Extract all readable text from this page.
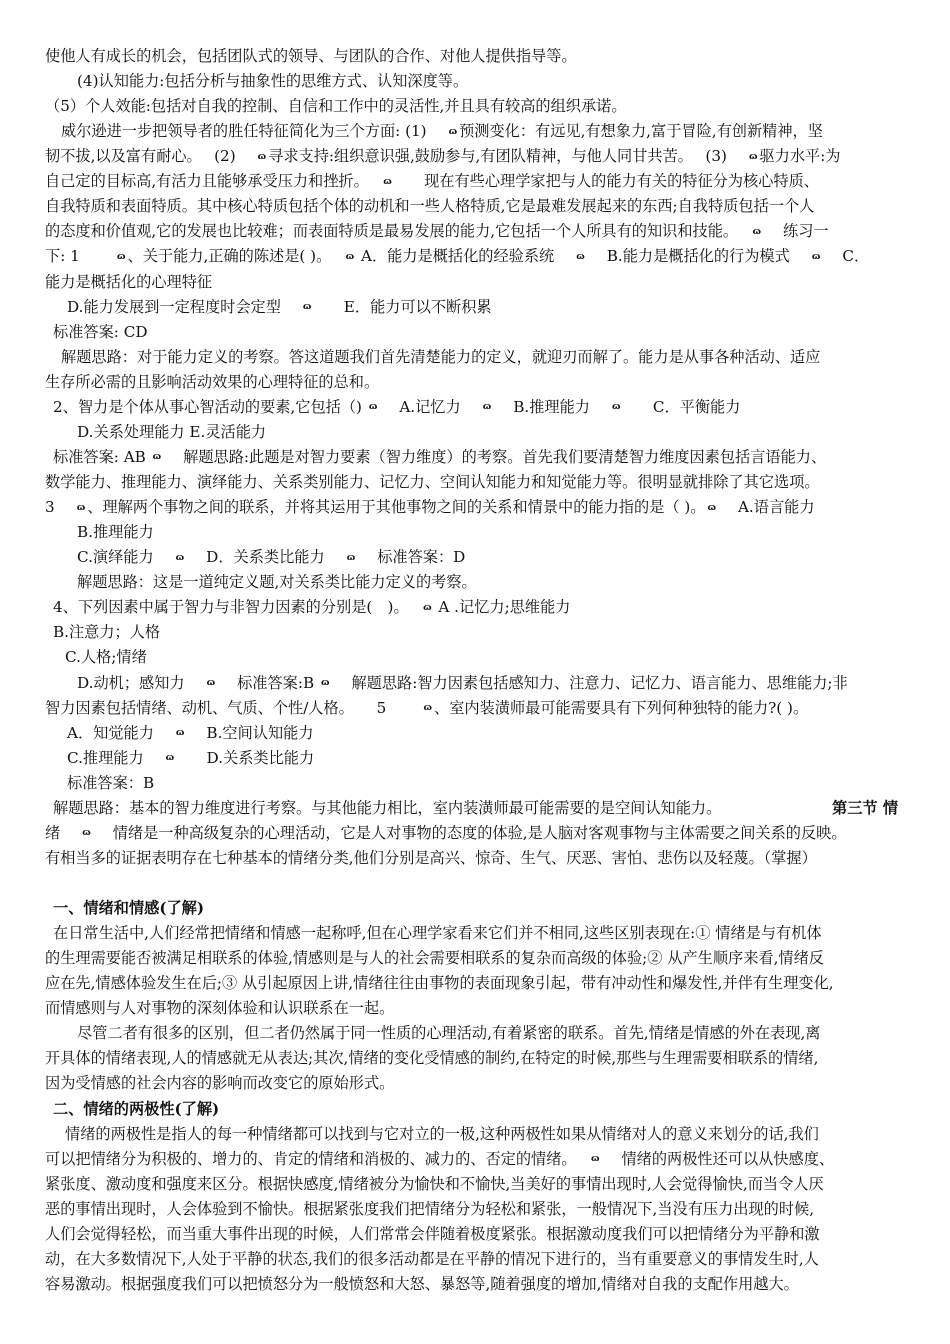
使他人有成长的机会，包括团队式的领导、与团队的合作、对他人提供指导等。
(4)认知能力:包括分析与抽象性的思维方式、认知深度等。
（5）个人效能:包括对自我的控制、自信和工作中的灵活性,并且具有较高的组织承诺。
威尔逊进一步把领导者的胜任特征简化为三个方面: (1)　 ɷ 预测变化：有远见,有想象力,富于冒险,有创新精神，坚
韧不拔,以及富有耐心。　 (2)　 ɷ 寻求支持:组织意识强,鼓励参与,有团队精神，与他人同甘共苦。　 (3)　 ɷ 驱力水平:为
自己定的目标高,有活力且能够承受压力和挫折。　 ɷ　　现在有些心理学家把与人的能力有关的特征分为核心特质、
自我特质和表面特质。其中核心特质包括个体的动机和一些人格特质,它是最难发展起来的东西;自我特质包括一个人
的态度和价值观,它的发展也比较难；而表面特质是最易发展的能力,它包括一个人所具有的知识和技能。　 ɷ　 练习一
下: 1　　 ɷ 、关于能力,正确的陈述是( )。　 ɷ A．能力是概括化的经验系统　 ɷ　 B.能力是概括化的行为模式　 ɷ　 C．
能力是概括化的心理特征
D.能力发展到一定程度时会定型　 ɷ　　E．能力可以不断积累
标准答案: CD
解题思路：对于能力定义的考察。答这道题我们首先清楚能力的定义，就迎刃而解了。能力是从事各种活动、适应
生存所必需的且影响活动效果的心理特征的总和。
2、智力是个体从事心智活动的要素,它包括（) ɷ　 A.记忆力　 ɷ　 B.推理能力　 ɷ　　C．平衡能力
D.关系处理能力 E.灵活能力
标准答案: AB ɷ　 解题思路:此题是对智力要素（智力维度）的考察。首先我们要清楚智力维度因素包括言语能力、
数学能力、推理能力、演绎能力、关系类别能力、记忆力、空间认知能力和知觉能力等。很明显就排除了其它选项。
3　 ɷ 、理解两个事物之间的联系，并将其运用于其他事物之间的关系和情景中的能力指的是（ )。 ɷ　 A.语言能力
B.推理能力
C.演绎能力　 ɷ　 D．关系类比能力　 ɷ　 标准答案：D
解题思路：这是一道纯定义题,对关系类比能力定义的考察。
4、下列因素中属于智力与非智力因素的分别是(　)。　 ɷ A .记忆力;思维能力
B.注意力；人格
C.人格;情绪
D.动机；感知力　 ɷ　 标准答案:B ɷ　 解题思路:智力因素包括感知力、注意力、记忆力、语言能力、思维能力;非
智力因素包括情绪、动机、气质、个性/人格。　　5　　 ɷ 、室内装潢师最可能需要具有下列何种独特的能力?( )。
A．知觉能力　 ɷ　 B.空间认知能力
C.推理能力　 ɷ　　D.关系类比能力
标准答案：B
解题思路：基本的智力维度进行考察。与其他能力相比，室内装潢师最可能需要的是空间认知能力。
绪　 ɷ　 情绪是一种高级复杂的心理活动，它是人对事物的态度的体验,是人脑对客观事物与主体需要之间关系的反映。
有相当多的证据表明存在七种基本的情绪分类,他们分别是高兴、惊奇、生气、厌恶、害怕、悲伤以及轻蔑。（掌握）
一、情绪和情感(了解)
在日常生活中,人们经常把情绪和情感一起称呼,但在心理学家看来它们并不相同,这些区别表现在:① 情绪是与有机体
的生理需要能否被满足相联系的体验,情感则是与人的社会需要相联系的复杂而高级的体验;② 从产生顺序来看,情绪反
应在先,情感体验发生在后;③ 从引起原因上讲,情绪往往由事物的表面现象引起，带有冲动性和爆发性,并伴有生理变化,
而情感则与人对事物的深刻体验和认识联系在一起。
尽管二者有很多的区别，但二者仍然属于同一性质的心理活动,有着紧密的联系。首先,情绪是情感的外在表现,离
开具体的情绪表现,人的情感就无从表达;其次,情绪的变化受情感的制约,在特定的时候,那些与生理需要相联系的情绪,
因为受情感的社会内容的影响而改变它的原始形式。
二、情绪的两极性(了解)
情绪的两极性是指人的每一种情绪都可以找到与它对立的一极,这种两极性如果从情绪对人的意义来划分的话,我们
可以把情绪分为积极的、增力的、肯定的情绪和消极的、减力的、否定的情绪。　 ɷ　 情绪的两极性还可以从快感度、
紧张度、激动度和强度来区分。根据快感度,情绪被分为愉快和不愉快,当美好的事情出现时,人会觉得愉快,而当令人厌
恶的事情出现时，人会体验到不愉快。根据紧张度我们把情绪分为轻松和紧张，一般情况下,当没有压力出现的时候,
人们会觉得轻松，而当重大事件出现的时候，人们常常会伴随着极度紧张。根据激动度我们可以把情绪分为平静和激
动，在大多数情况下,人处于平静的状态,我们的很多活动都是在平静的情况下进行的，当有重要意义的事情发生时,人
容易激动。根据强度我们可以把愤怒分为一般愤怒和大怒、暴怒等,随着强度的增加,情绪对自我的支配作用越大。
第三节 情
